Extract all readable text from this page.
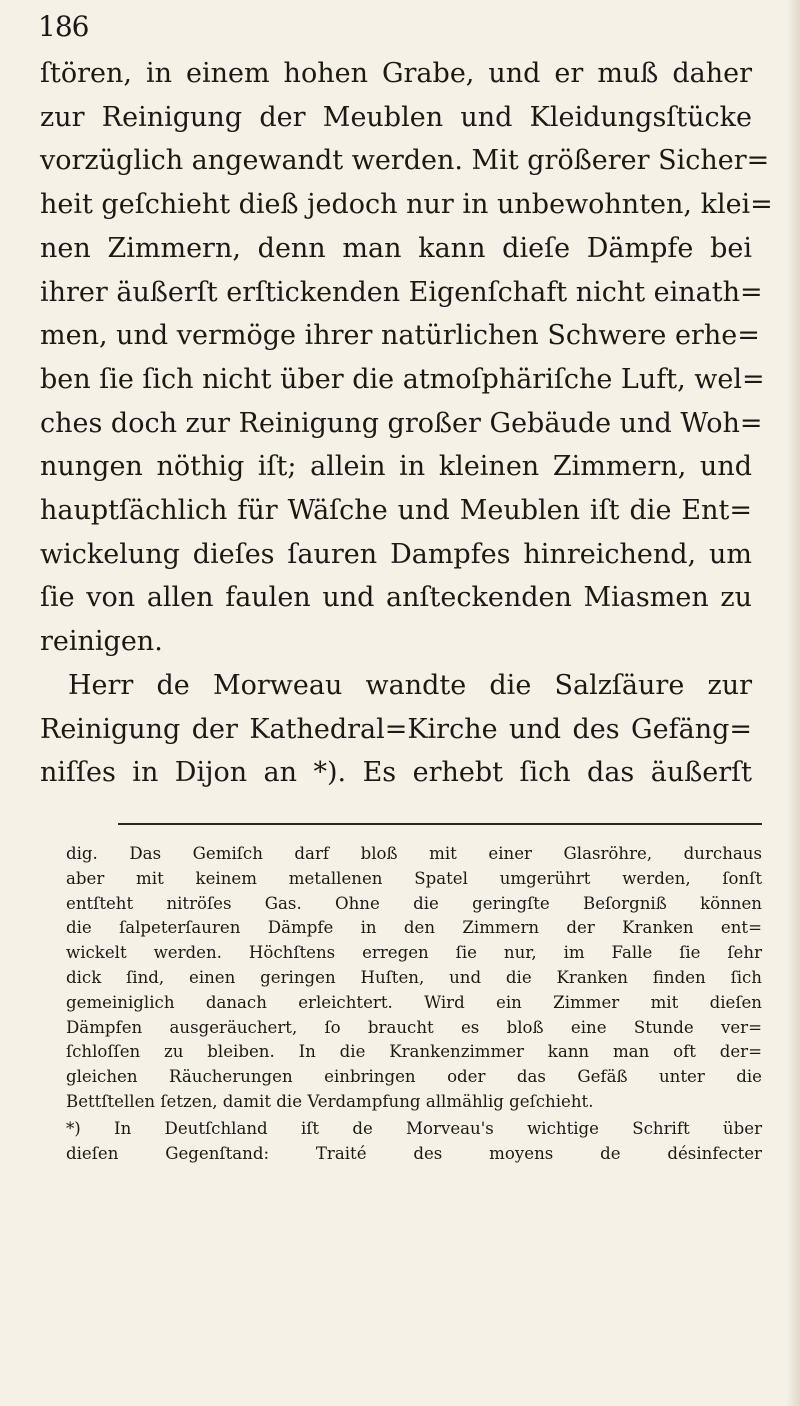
186
ſtören, in einem hohen Grabe, und er muß daher
zur Reinigung der Meublen und Kleidungsſtücke
vorzüglich angewandt werden. Mit größerer Sicher=
heit geſchieht dieß jedoch nur in unbewohnten, klei=
nen Zimmern, denn man kann dieſe Dämpfe bei
ihrer äußerſt erſtickenden Eigenſchaft nicht einath=
men, und vermöge ihrer natürlichen Schwere erhe=
ben ſie ſich nicht über die atmoſphäriſche Luft, wel=
ches doch zur Reinigung großer Gebäude und Woh=
nungen nöthig iſt; allein in kleinen Zimmern, und
hauptſächlich für Wäſche und Meublen iſt die Ent=
wickelung dieſes ſauren Dampfes hinreichend, um
ſie von allen faulen und anſteckenden Miasmen zu
reinigen.
Herr de Morweau wandte die Salzſäure zur
Reinigung der Kathedral=Kirche und des Gefäng=
niſſes in Dijon an *). Es erhebt ſich das äußerſt
dig. Das Gemiſch darf bloß mit einer Glasröhre, durchaus
aber mit keinem metallenen Spatel umgerührt werden, ſonſt
entſteht nitröſes Gas. Ohne die geringſte Beſorgniß können
die ſalpeterſauren Dämpfe in den Zimmern der Kranken ent=
wickelt werden. Höchſtens erregen ſie nur, im Falle ſie ſehr
dick ſind, einen geringen Huſten, und die Kranken finden ſich
gemeiniglich danach erleichtert. Wird ein Zimmer mit dieſen
Dämpfen ausgeräuchert, ſo braucht es bloß eine Stunde ver=
ſchloſſen zu bleiben. In die Krankenzimmer kann man oft der=
gleichen Räucherungen einbringen oder das Gefäß unter die
Bettſtellen ſetzen, damit die Verdampfung allmählig geſchieht.
*) In Deutſchland iſt de Morveau's wichtige Schrift über
dieſen Gegenſtand: Traité des moyens de désinfecter
